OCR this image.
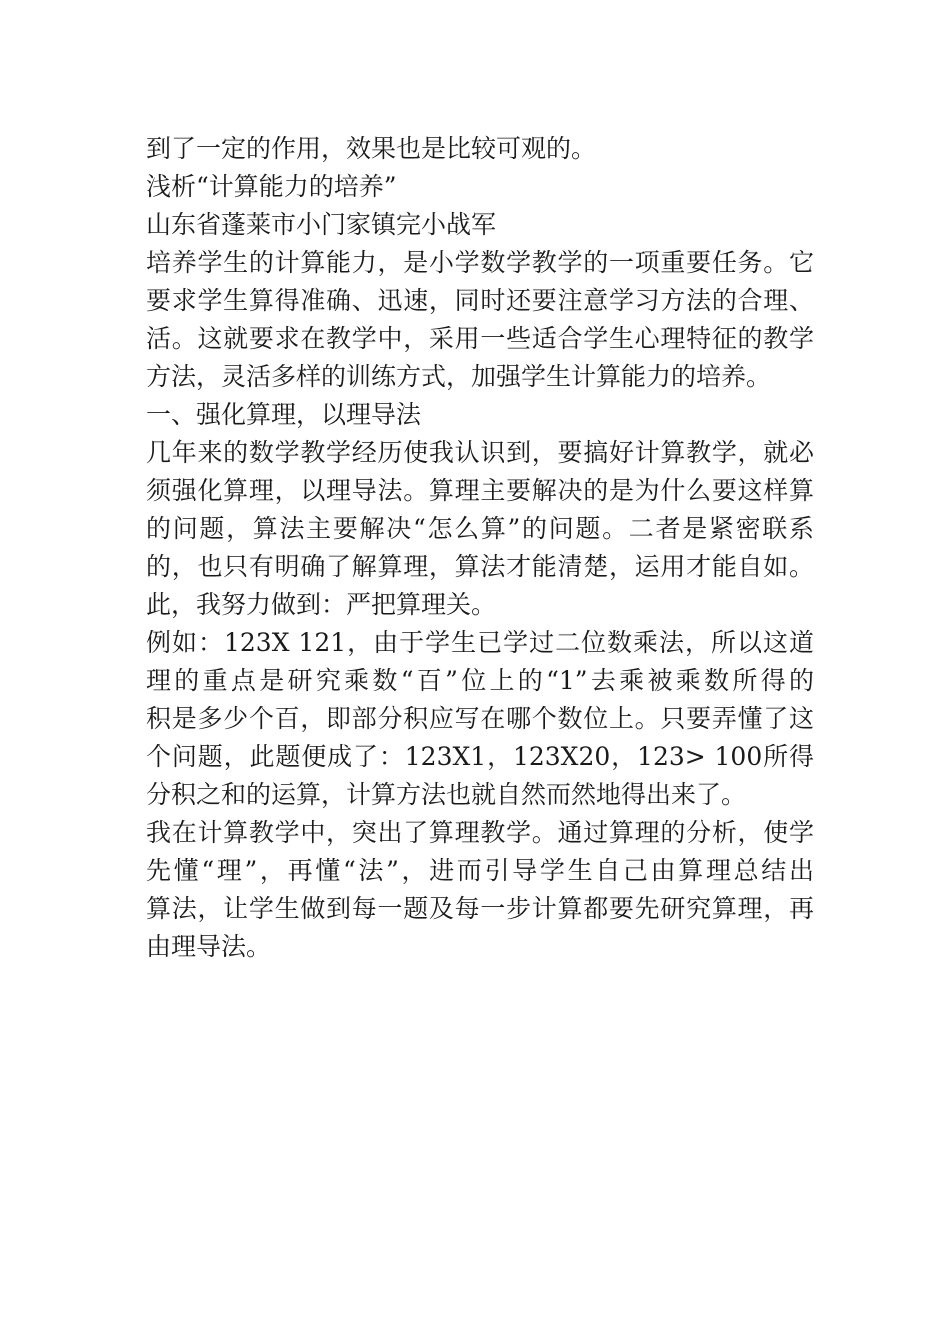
到了一定的作用，效果也是比较可观的。
浅析“计算能力的培养”
山东省蓬莱市小门家镇完小战军
培养学生的计算能力，是小学数学教学的一项重要任务。它
要求学生算得准确、迅速，同时还要注意学习方法的合理、
活。这就要求在教学中，采用一些适合学生心理特征的教学
方法，灵活多样的训练方式，加强学生计算能力的培养。
一、强化算理，以理导法
几年来的数学教学经历使我认识到，要搞好计算教学，就必
须强化算理，以理导法。算理主要解决的是为什么要这样算
的问题，算法主要解决“怎么算”的问题。二者是紧密联系
的，也只有明确了解算理，算法才能清楚，运用才能自如。
此，我努力做到：严把算理关。
例如：123X 121，由于学生已学过二位数乘法，所以这道
理的重点是研究乘数“百”位上的“1”去乘被乘数所得的
积是多少个百，即部分积应写在哪个数位上。只要弄懂了这
个问题，此题便成了：123X1，123X20，123> 100所得
分积之和的运算，计算方法也就自然而然地得出来了。
我在计算教学中，突出了算理教学。通过算理的分析，使学
先懂“理”，再懂“法”，进而引导学生自己由算理总结出
算法，让学生做到每一题及每一步计算都要先研究算理，再
由理导法。
